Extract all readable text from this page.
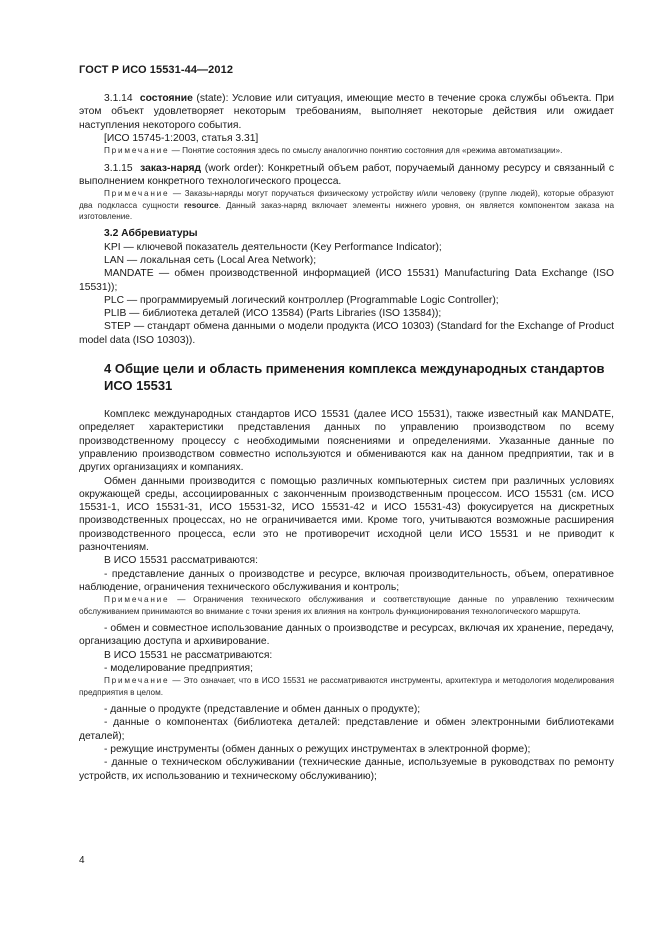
ГОСТ Р ИСО 15531-44—2012

3.1.14 состояние (state): Условие или ситуация, имеющие место в течение срока службы объекта. При этом объект удовлетворяет некоторым требованиям, выполняет некоторые действия или ожидает наступления некоторого события.

[ИСО 15745-1:2003, статья 3.31]

Примечание — Понятие состояния здесь по смыслу аналогично понятию состояния для «режима автоматизации».

3.1.15 заказ-наряд (work order): Конкретный объем работ, поручаемый данному ресурсу и связанный с выполнением конкретного технологического процесса.

Примечание — Заказы-наряды могут поручаться физическому устройству и/или человеку (группе людей), которые образуют два подкласса сущности resource. Данный заказ-наряд включает элементы нижнего уровня, он является компонентом заказа на изготовление.

3.2 Аббревиатуры

KPI — ключевой показатель деятельности (Key Performance Indicator);

LAN — локальная сеть (Local Area Network);

MANDATE — обмен производственной информацией (ИСО 15531) Manufacturing Data Exchange (ISO 15531));

PLC — программируемый логический контроллер (Programmable Logic Controller);

PLIB — библиотека деталей (ИСО 13584) (Parts Libraries (ISO 13584));

STEP — стандарт обмена данными о модели продукта (ИСО 10303) (Standard for the Exchange of Product model data (ISO 10303)).

4 Общие цели и область применения комплекса международных стандартов
ИСО 15531

Комплекс международных стандартов ИСО 15531 (далее ИСО 15531), также известный как MANDATE, определяет характеристики представления данных по управлению производством по всему производственному процессу с необходимыми пояснениями и определениями. Указанные данные по управлению производством совместно используются и обмениваются как на данном предприятии, так и в других организациях и компаниях.

Обмен данными производится с помощью различных компьютерных систем при различных условиях окружающей среды, ассоциированных с законченным производственным процессом. ИСО 15531 (см. ИСО 15531-1, ИСО 15531-31, ИСО 15531-32, ИСО 15531-42 и ИСО 15531-43) фокусируется на дискретных производственных процессах, но не ограничивается ими. Кроме того, учитываются возможные расширения производственного процесса, если это не противоречит исходной цели ИСО 15531 и не приводит к разночтениям.

В ИСО 15531 рассматриваются:

- представление данных о производстве и ресурсе, включая производительность, объем, оперативное наблюдение, ограничения технического обслуживания и контроль;

Примечание — Ограничения технического обслуживания и соответствующие данные по управлению техническим обслуживанием принимаются во внимание с точки зрения их влияния на контроль функционирования технологического маршрута.

- обмен и совместное использование данных о производстве и ресурсах, включая их хранение, передачу, организацию доступа и архивирование.

В ИСО 15531 не рассматриваются:

- моделирование предприятия;

Примечание — Это означает, что в ИСО 15531 не рассматриваются инструменты, архитектура и методология моделирования предприятия в целом.

- данные о продукте (представление и обмен данных о продукте);

- данные о компонентах (библиотека деталей: представление и обмен электронными библиотеками деталей);

- режущие инструменты (обмен данных о режущих инструментах в электронной форме);

- данные о техническом обслуживании (технические данные, используемые в руководствах по ремонту устройств, их использованию и техническому обслуживанию);

4
